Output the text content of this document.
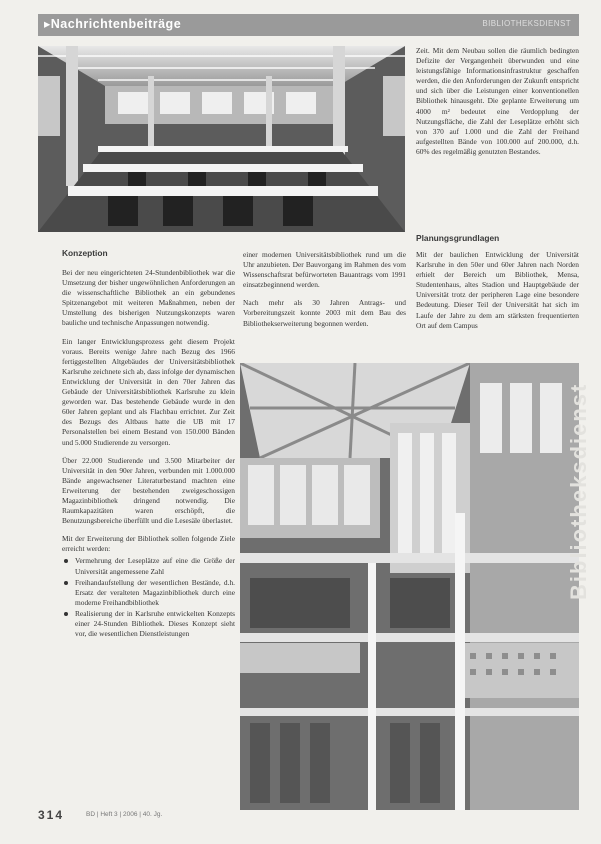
▸Nachrichtenbeiträge	BIBLIOTHEKSDIENST

Zeit. Mit dem Neubau sollen die räumlich bedingten Defizite der Vergangenheit überwunden und eine leistungsfähige Informationsinfrastruktur geschaffen werden, die den Anforderungen der Zukunft entspricht und sich über die Leistungen einer konventionellen Bibliothek hinausgeht. Die geplante Erweiterung um 4000 m² bedeutet eine Verdopplung der Nutzungsfläche, die Zahl der Leseplätze erhöht sich von 370 auf 1.000 und die Zahl der Freihand aufgestellten Bände von 100.000 auf 200.000, d.h. 60% des regelmäßig genutzten Bestandes.

Planungsgrundlagen

Mit der baulichen Entwicklung der Universität Karlsruhe in den 50er und 60er Jahren nach Norden erhielt der Bereich um Bibliothek, Mensa, Studentenhaus, altes Stadion und Hauptgebäude der Universität trotz der peripheren Lage eine besondere Bedeutung. Dieser Teil der Universität hat sich im Laufe der Jahre zu dem am stärksten frequentierten Ort auf dem Campus

Konzeption

Bei der neu eingerichteten 24-Stundenbibliothek war die Umsetzung der bisher ungewöhnlichen Anforderungen an die wissenschaftliche Bibliothek an ein gebundenes Spitzenangebot mit weiteren Maßnahmen, neben der Umstellung des bisherigen Nutzungskonzepts waren bauliche und technische Anpassungen notwendig.

Ein langer Entwicklungsprozess geht diesem Projekt voraus. Bereits wenige Jahre nach Bezug des 1966 fertiggestellten Altgebäudes der Universitätsbibliothek Karlsruhe zeichnete sich ab, dass infolge der dynamischen Entwicklung der Universität in den 70er Jahren das Gebäude der Universitätsbibliothek Karlsruhe zu klein geworden war. Das bestehende Gebäude wurde in den 60er Jahren geplant und als Flachbau errichtet. Zur Zeit des Bezugs des Altbaus hatte die UB mit 17 Personalstellen bei einem Bestand von 150.000 Bänden und 5.000 Studierende zu versorgen.

Über 22.000 Studierende und 3.500 Mitarbeiter der Universität in den 90er Jahren, verbunden mit 1.000.000 Bände angewachsener Literaturbestand machten eine Erweiterung der bestehenden zweigeschossigen Magazinbibliothek dringend notwendig. Die Raumkapazitäten waren erschöpft, die Benutzungsbereiche überfüllt und die Lesesäle überlastet.

Mit der Erweiterung der Bibliothek sollen folgende Ziele erreicht werden:

Vermehrung der Leseplätze auf eine die Größe der Universität angemessene Zahl
Freihandaufstellung der wesentlichen Bestände, d.h. Ersatz der veralteten Magazinbibliothek durch eine moderne Freihandbibliothek
Realisierung der in Karlsruhe entwickelten Konzepts einer 24-Stunden Bibliothek. Dieses Konzept sieht vor, die wesentlichen Dienstleistungen

einer modernen Universitätsbibliothek rund um die Uhr anzubieten. Der Bauvorgang im Rahmen des vom Wissenschaftsrat befürworteten Bauantrags vom 1991 einsatzbeginnend werden.

Nach mehr als 30 Jahren Antrags- und Vorbereitungszeit konnte 2003 mit dem Bau des Bibliothekserweiterung begonnen werden.

314	BD | Heft 3 | 2006 | 40. Jg.
Bibliotheksdienst
